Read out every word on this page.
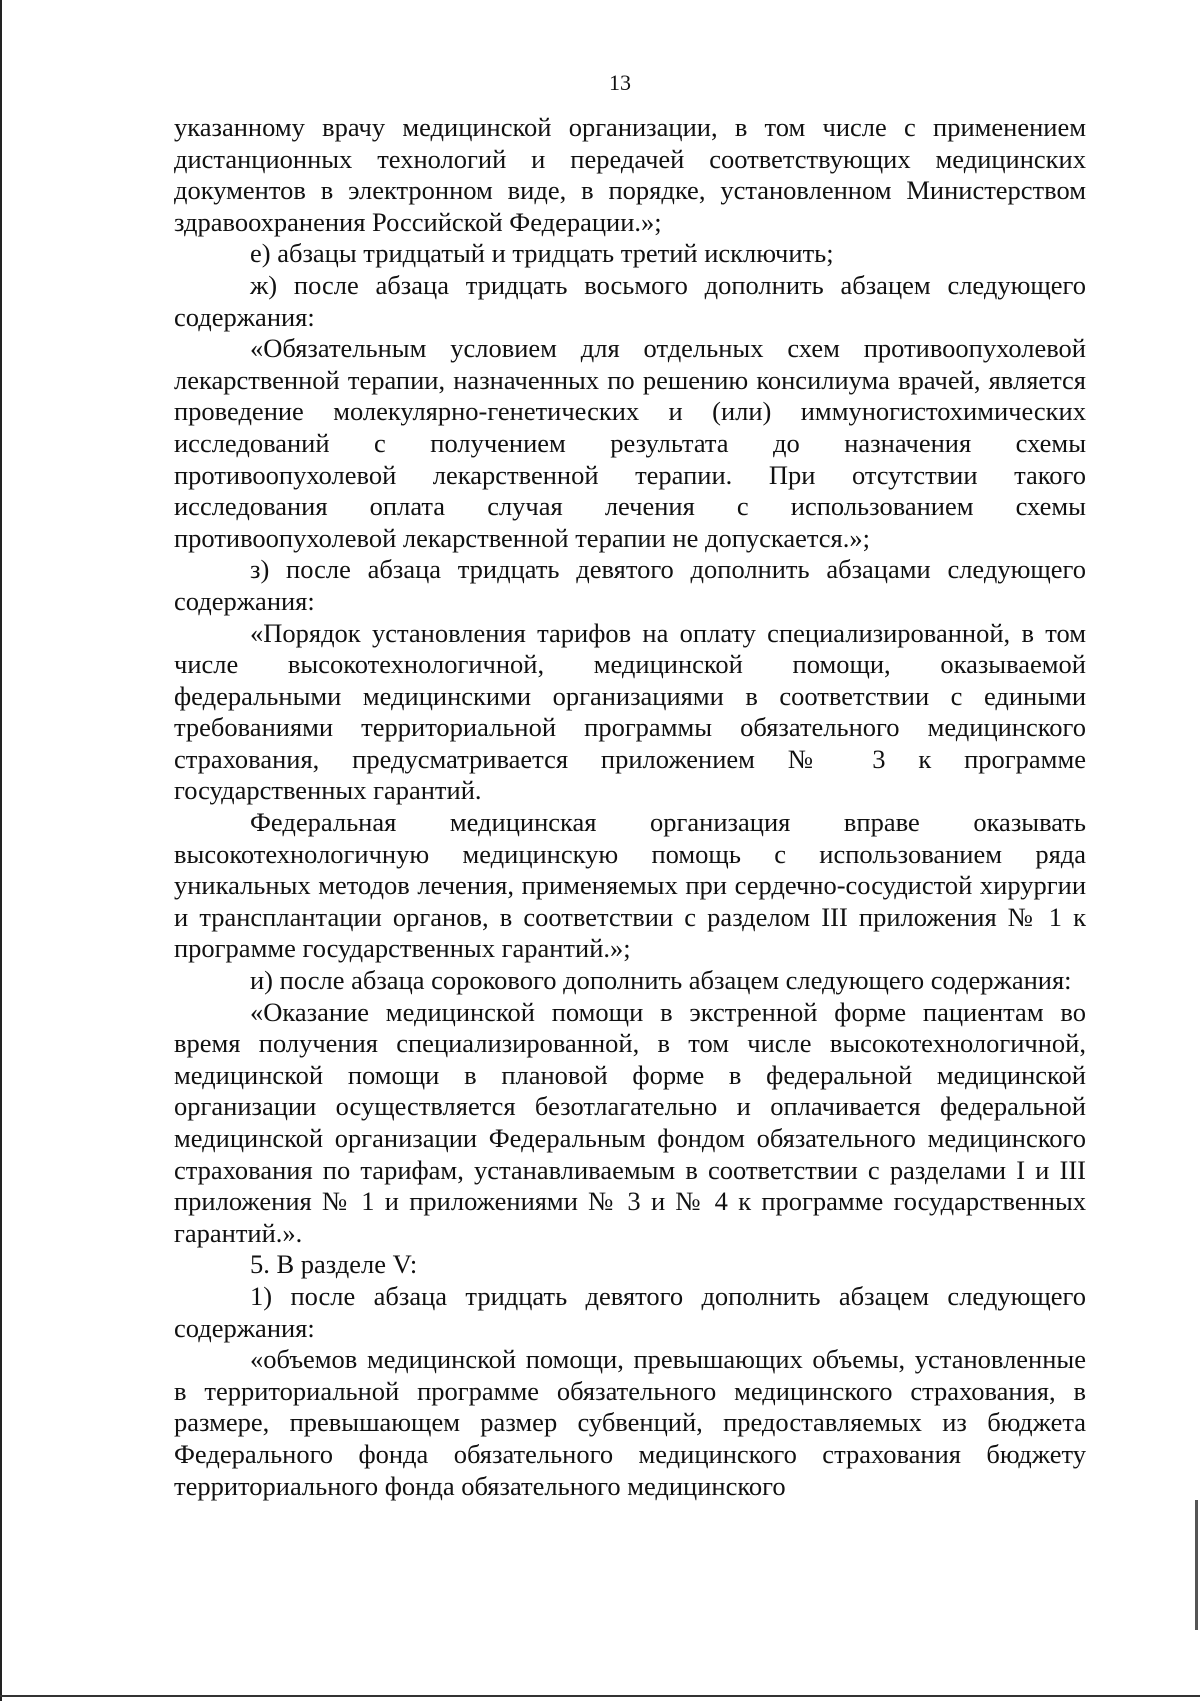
13

указанному врачу медицинской организации, в том числе с применением дистанционных технологий и передачей соответствующих медицинских документов в электронном виде, в порядке, установленном Министерством здравоохранения Российской Федерации.»;

е) абзацы тридцатый и тридцать третий исключить;

ж) после абзаца тридцать восьмого дополнить абзацем следующего содержания:

«Обязательным условием для отдельных схем противоопухолевой лекарственной терапии, назначенных по решению консилиума врачей, является проведение молекулярно-генетических и (или) иммуногистохимических исследований с получением результата до назначения схемы противоопухолевой лекарственной терапии. При отсутствии такого исследования оплата случая лечения с использованием схемы противоопухолевой лекарственной терапии не допускается.»;

з) после абзаца тридцать девятого дополнить абзацами следующего содержания:

«Порядок установления тарифов на оплату специализированной, в том числе высокотехнологичной, медицинской помощи, оказываемой федеральными медицинскими организациями в соответствии с едиными требованиями территориальной программы обязательного медицинского страхования, предусматривается приложением № 3 к программе государственных гарантий.

Федеральная медицинская организация вправе оказывать высокотехнологичную медицинскую помощь с использованием ряда уникальных методов лечения, применяемых при сердечно-сосудистой хирургии и трансплантации органов, в соответствии с разделом III приложения № 1 к программе государственных гарантий.»;

и) после абзаца сорокового дополнить абзацем следующего содержания:

«Оказание медицинской помощи в экстренной форме пациентам во время получения специализированной, в том числе высокотехнологичной, медицинской помощи в плановой форме в федеральной медицинской организации осуществляется безотлагательно и оплачивается федеральной медицинской организации Федеральным фондом обязательного медицинского страхования по тарифам, устанавливаемым в соответствии с разделами I и III приложения № 1 и приложениями № 3 и № 4 к программе государственных гарантий.».

5. В разделе V:

1) после абзаца тридцать девятого дополнить абзацем следующего содержания:

«объемов медицинской помощи, превышающих объемы, установленные в территориальной программе обязательного медицинского страхования, в размере, превышающем размер субвенций, предоставляемых из бюджета Федерального фонда обязательного медицинского страхования бюджету территориального фонда обязательного медицинского
